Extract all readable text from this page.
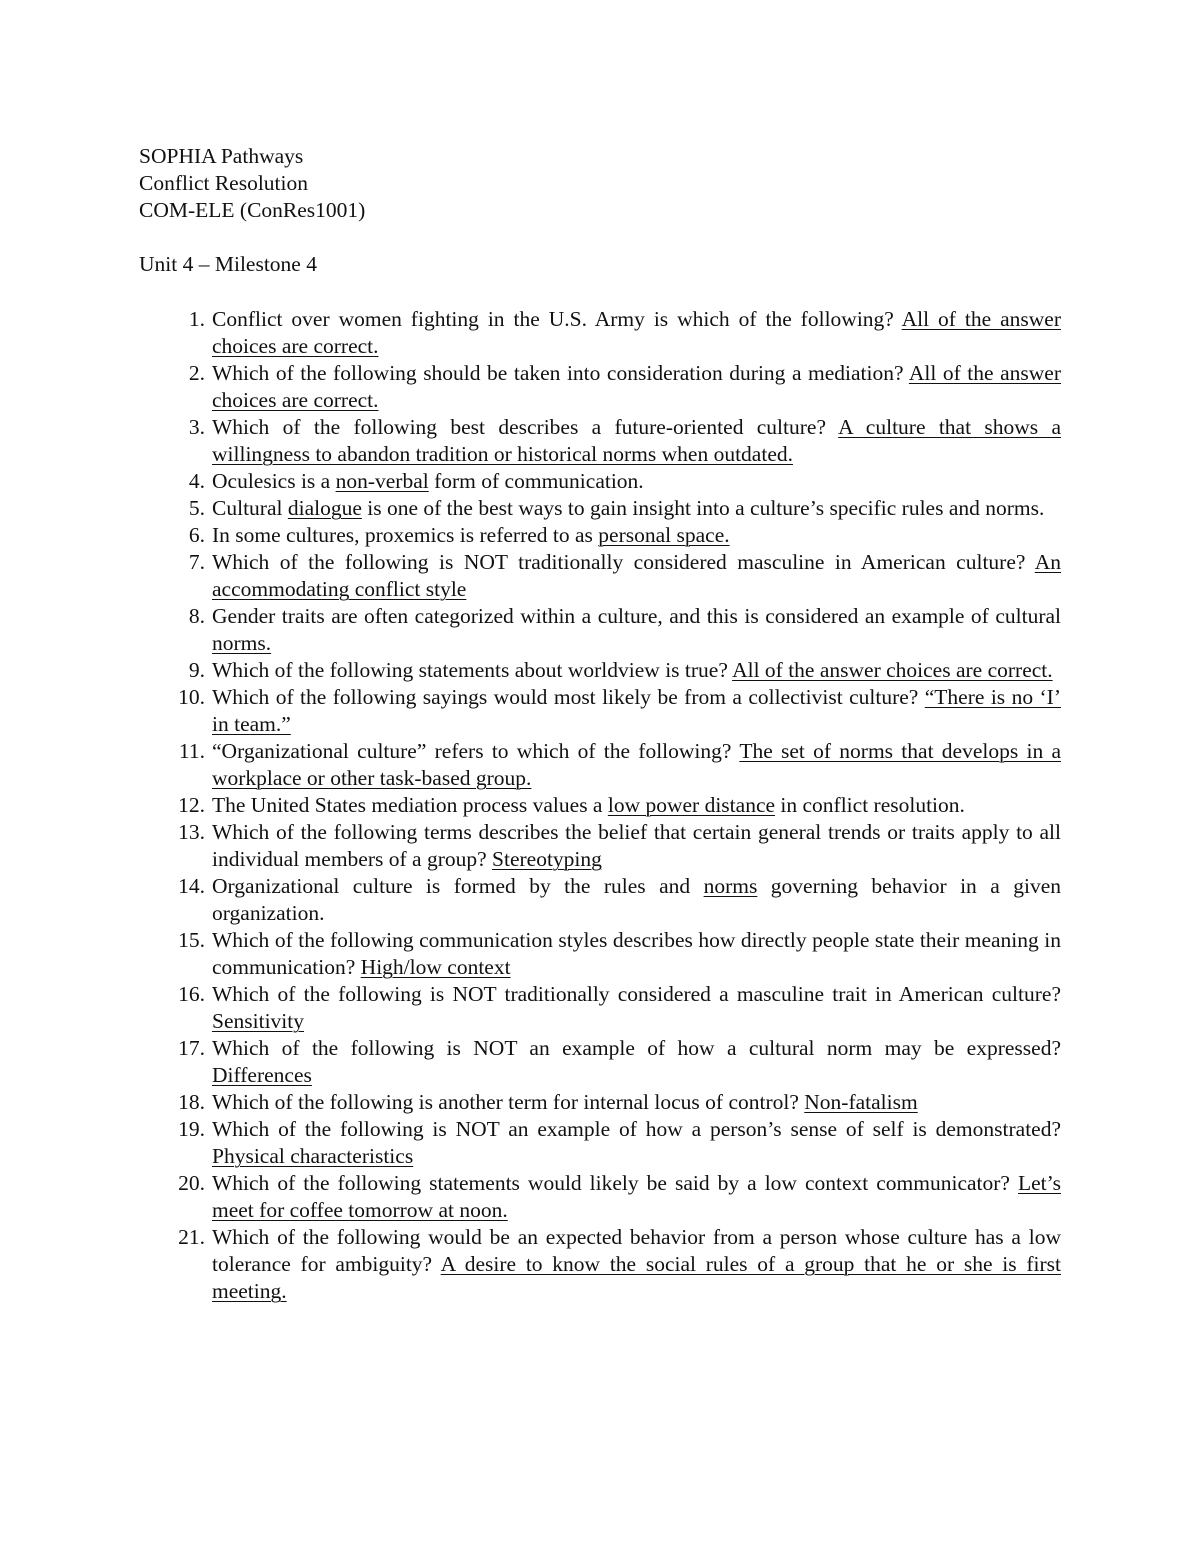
SOPHIA Pathways
Conflict Resolution
COM-ELE (ConRes1001)
Unit 4 – Milestone 4
1. Conflict over women fighting in the U.S. Army is which of the following? All of the answer choices are correct.
2. Which of the following should be taken into consideration during a mediation? All of the answer choices are correct.
3. Which of the following best describes a future-oriented culture? A culture that shows a willingness to abandon tradition or historical norms when outdated.
4. Oculesics is a non-verbal form of communication.
5. Cultural dialogue is one of the best ways to gain insight into a culture’s specific rules and norms.
6. In some cultures, proxemics is referred to as personal space.
7. Which of the following is NOT traditionally considered masculine in American culture? An accommodating conflict style
8. Gender traits are often categorized within a culture, and this is considered an example of cultural norms.
9. Which of the following statements about worldview is true? All of the answer choices are correct.
10. Which of the following sayings would most likely be from a collectivist culture? “There is no ‘I’ in team.”
11. “Organizational culture” refers to which of the following? The set of norms that develops in a workplace or other task-based group.
12. The United States mediation process values a low power distance in conflict resolution.
13. Which of the following terms describes the belief that certain general trends or traits apply to all individual members of a group? Stereotyping
14. Organizational culture is formed by the rules and norms governing behavior in a given organization.
15. Which of the following communication styles describes how directly people state their meaning in communication? High/low context
16. Which of the following is NOT traditionally considered a masculine trait in American culture? Sensitivity
17. Which of the following is NOT an example of how a cultural norm may be expressed? Differences
18. Which of the following is another term for internal locus of control? Non-fatalism
19. Which of the following is NOT an example of how a person’s sense of self is demonstrated? Physical characteristics
20. Which of the following statements would likely be said by a low context communicator? Let’s meet for coffee tomorrow at noon.
21. Which of the following would be an expected behavior from a person whose culture has a low tolerance for ambiguity? A desire to know the social rules of a group that he or she is first meeting.
